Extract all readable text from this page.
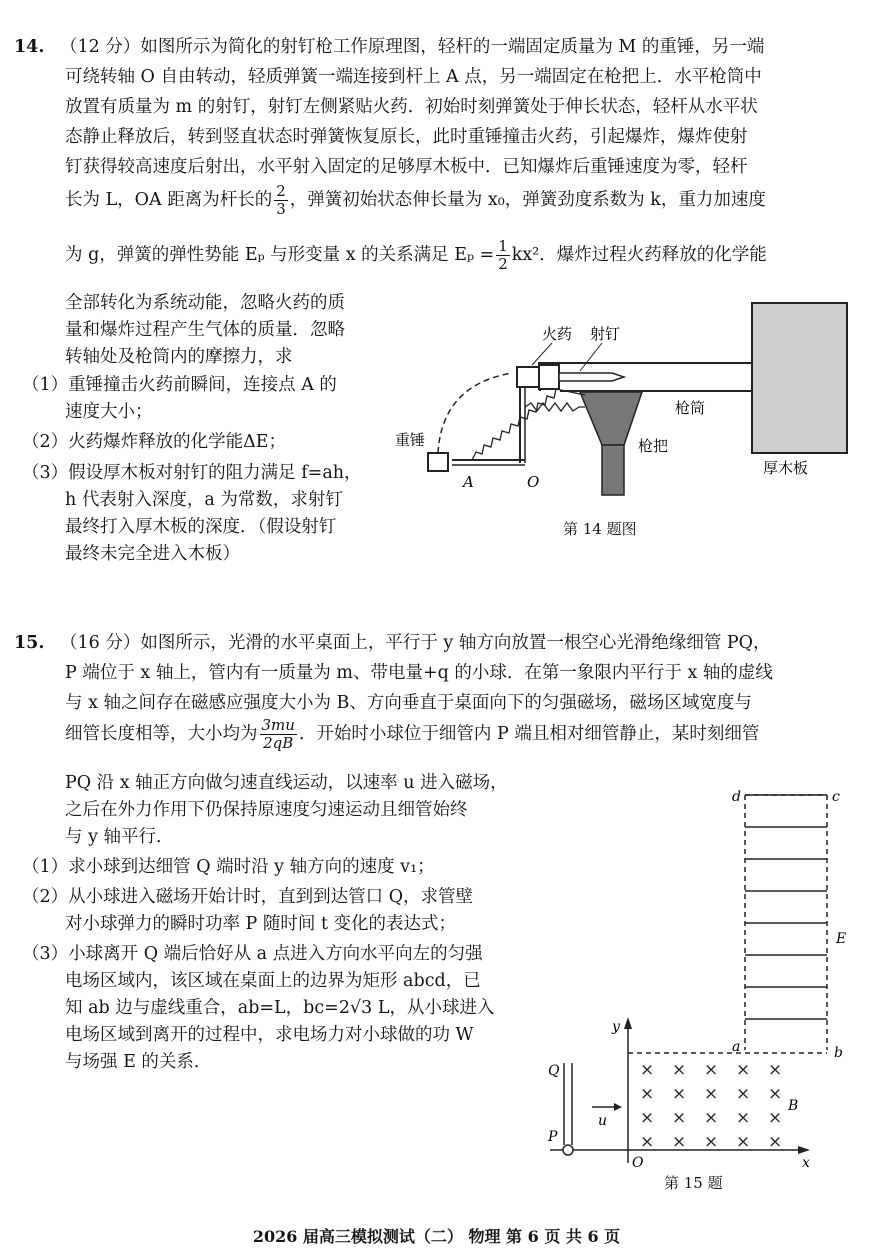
14. （12 分）如图所示为简化的射钉枪工作原理图，轻杆的一端固定质量为 M 的重锤，另一端
可绕转轴 O 自由转动，轻质弹簧一端连接到杆上 A 点，另一端固定在枪把上．水平枪筒中
放置有质量为 m 的射钉，射钉左侧紧贴火药．初始时刻弹簧处于伸长状态，轻杆从水平状
态静止释放后，转到竖直状态时弹簧恢复原长，此时重锤撞击火药，引起爆炸，爆炸使射
钉获得较高速度后射出，水平射入固定的足够厚木板中．已知爆炸后重锤速度为零，轻杆
长为 L，OA 距离为杆长的 $\frac{2}{3}$ ，弹簧初始状态伸长量为 x₀，弹簧劲度系数为 k，重力加速度
为 g，弹簧的弹性势能 Eₚ 与形变量 x 的关系满足 $E_p = \frac{1}{2} kx^2$．爆炸过程火药释放的化学能
全部转化为系统动能，忽略火药的质
量和爆炸过程产生气体的质量．忽略
转轴处及枪筒内的摩擦力，求
（1）重锤撞击火药前瞬间，连接点 A 的
速度大小；
（2）火药爆炸释放的化学能ΔE；
（3）假设厚木板对射钉的阻力满足 f=ah，
h 代表射入深度，a 为常数，求射钉
最终打入厚木板的深度．（假设射钉
最终未完全进入木板）
火药 射钉
枪筒
枪把
重锤
厚木板
A	O
第 14 题图
15. （16 分）如图所示，光滑的水平桌面上，平行于 y 轴方向放置一根空心光滑绝缘细管 PQ，
P 端位于 x 轴上，管内有一质量为 m、带电量+q 的小球．在第一象限内平行于 x 轴的虚线
与 x 轴之间存在磁感应强度大小为 B、方向垂直于桌面向下的匀强磁场，磁场区域宽度与
细管长度相等，大小均为 $\frac{3mu}{2qB}$ ．开始时小球位于细管内 P 端且相对细管静止，某时刻细管
PQ 沿 x 轴正方向做匀速直线运动，以速率 u 进入磁场，
之后在外力作用下仍保持原速度匀速运动且细管始终
与 y 轴平行．
（1）求小球到达细管 Q 端时沿 y 轴方向的速度 v₁；
（2）从小球进入磁场开始计时，直到到达管口 Q，求管壁
对小球弹力的瞬时功率 P 随时间 t 变化的表达式；
（3）小球离开 Q 端后恰好从 a 点进入方向水平向左的匀强
电场区域内，该区域在桌面上的边界为矩形 abcd，已
知 ab 边与虚线重合，ab=L，bc=2√3 L，从小球进入
电场区域到离开的过程中，求电场力对小球做的功 W
与场强 E 的关系．	× × × × ×
× × × × ×
× × × × ×
× × × × ×
d	c
E
a	b
y
x
O
Q
P
u
B
第 15 题
2026 届高三模拟测试（二） 物理 第 6 页 共 6 页
